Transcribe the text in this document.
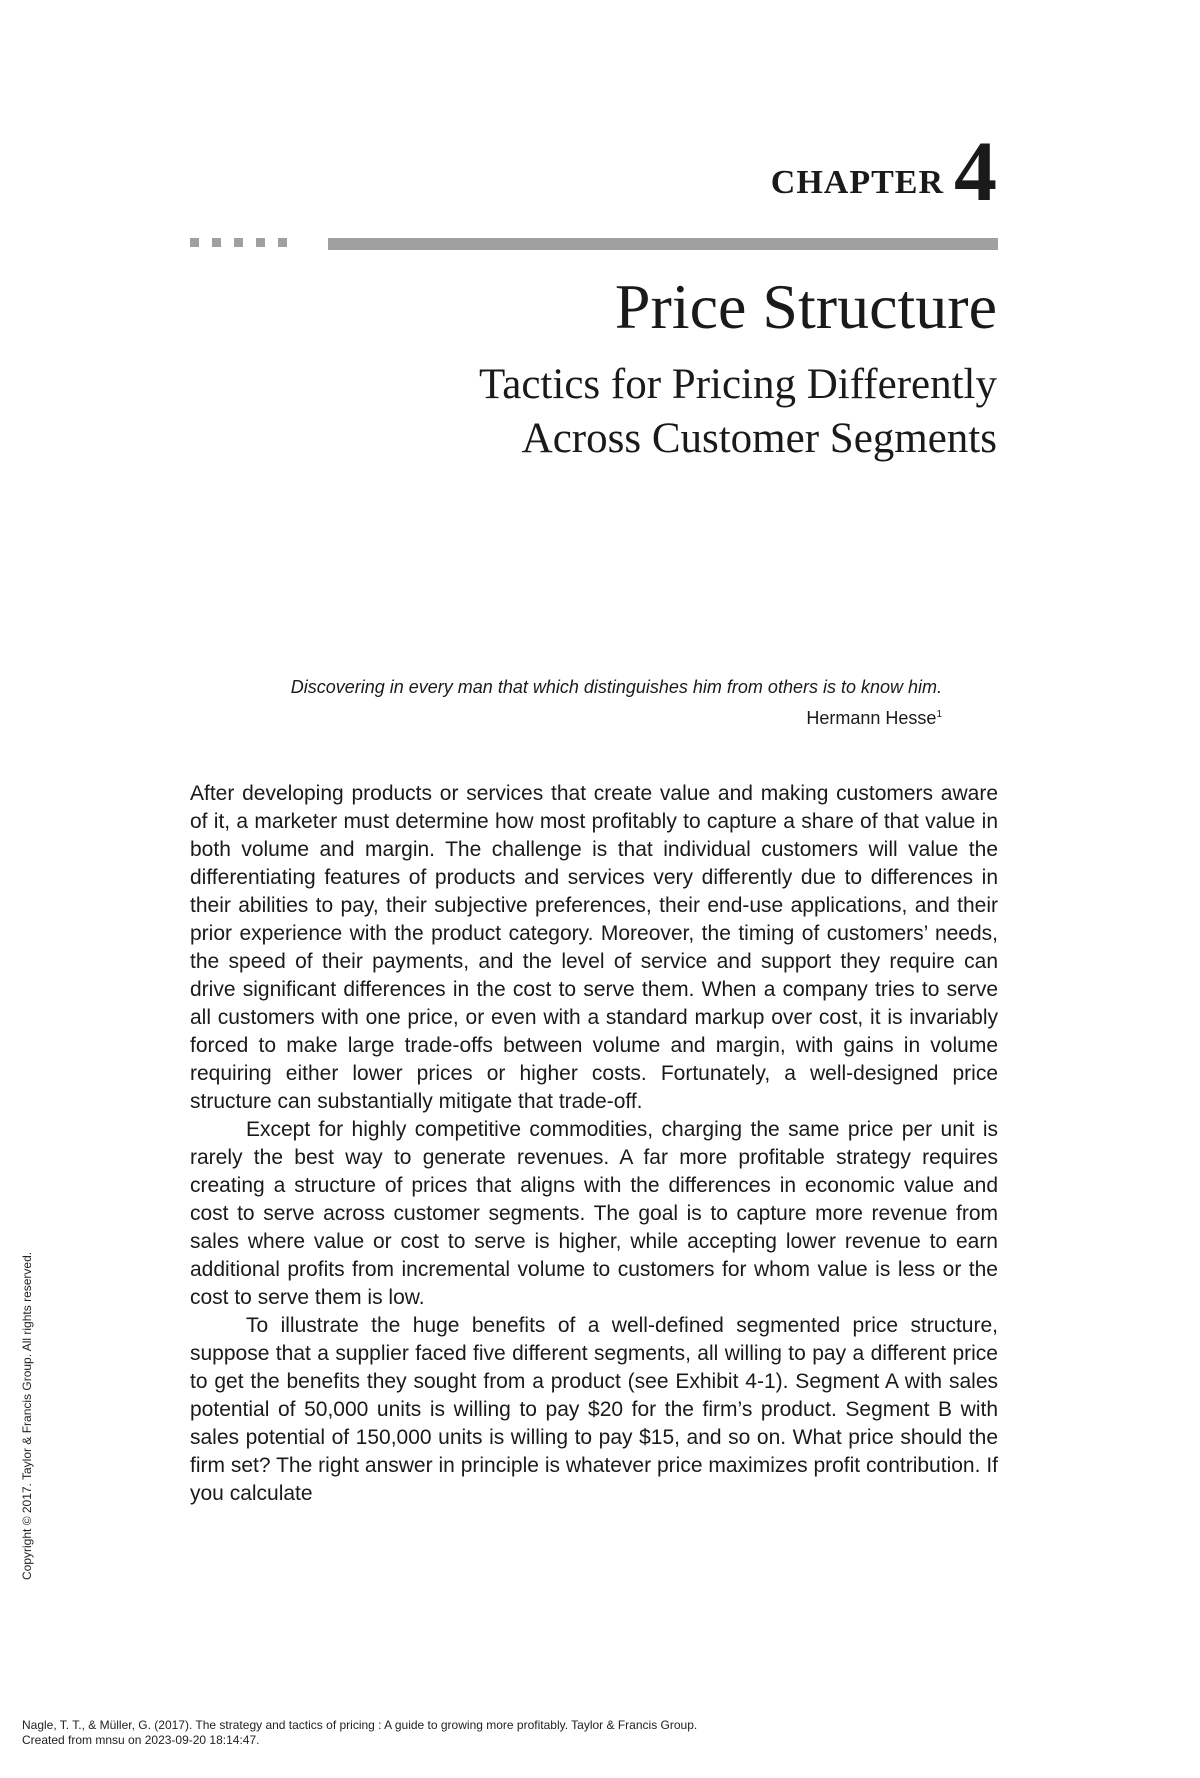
CHAPTER 4
Price Structure
Tactics for Pricing Differently
Across Customer Segments
Discovering in every man that which distinguishes him from others is to know him.
Hermann Hesse$^1$

After developing products or services that create value and making customers aware of it, a marketer must determine how most profitably to capture a share of that value in both volume and margin. The challenge is that individual customers will value the differentiating features of products and services very differently due to differences in their abilities to pay, their subjective preferences, their end-use applications, and their prior experience with the product category. Moreover, the timing of customers’ needs, the speed of their payments, and the level of service and support they require can drive significant differences in the cost to serve them. When a company tries to serve all customers with one price, or even with a standard markup over cost, it is invariably forced to make large trade-offs between volume and margin, with gains in volume requiring either lower prices or higher costs. Fortunately, a well-designed price structure can substantially mitigate that trade-off.

Except for highly competitive commodities, charging the same price per unit is rarely the best way to generate revenues. A far more profitable strategy requires creating a structure of prices that aligns with the differences in economic value and cost to serve across customer segments. The goal is to capture more revenue from sales where value or cost to serve is higher, while accepting lower revenue to earn additional profits from incremental volume to customers for whom value is less or the cost to serve them is low.

To illustrate the huge benefits of a well-defined segmented price structure, suppose that a supplier faced five different segments, all willing to pay a different price to get the benefits they sought from a product (see Exhibit 4-1). Segment A with sales potential of 50,000 units is willing to pay $20 for the firm’s product. Segment B with sales potential of 150,000 units is willing to pay $15, and so on. What price should the firm set? The right answer in principle is whatever price maximizes profit contribution. If you calculate

Copyright © 2017. Taylor & Francis Group. All rights reserved.
Nagle, T. T., & Müller, G. (2017). The strategy and tactics of pricing : A guide to growing more profitably. Taylor & Francis Group.
Created from mnsu on 2023-09-20 18:14:47.
